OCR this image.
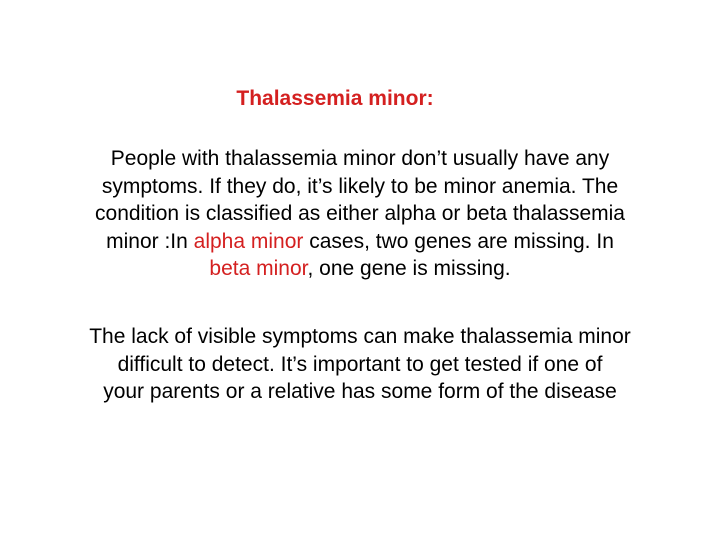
Thalassemia minor:
People with thalassemia minor don’t usually have any
symptoms. If they do, it’s likely to be minor anemia. The
condition is classified as either alpha or beta thalassemia
minor :In alpha minor cases, two genes are missing. In
beta minor, one gene is missing.
The lack of visible symptoms can make thalassemia minor
difficult to detect. It’s important to get tested if one of
your parents or a relative has some form of the disease
